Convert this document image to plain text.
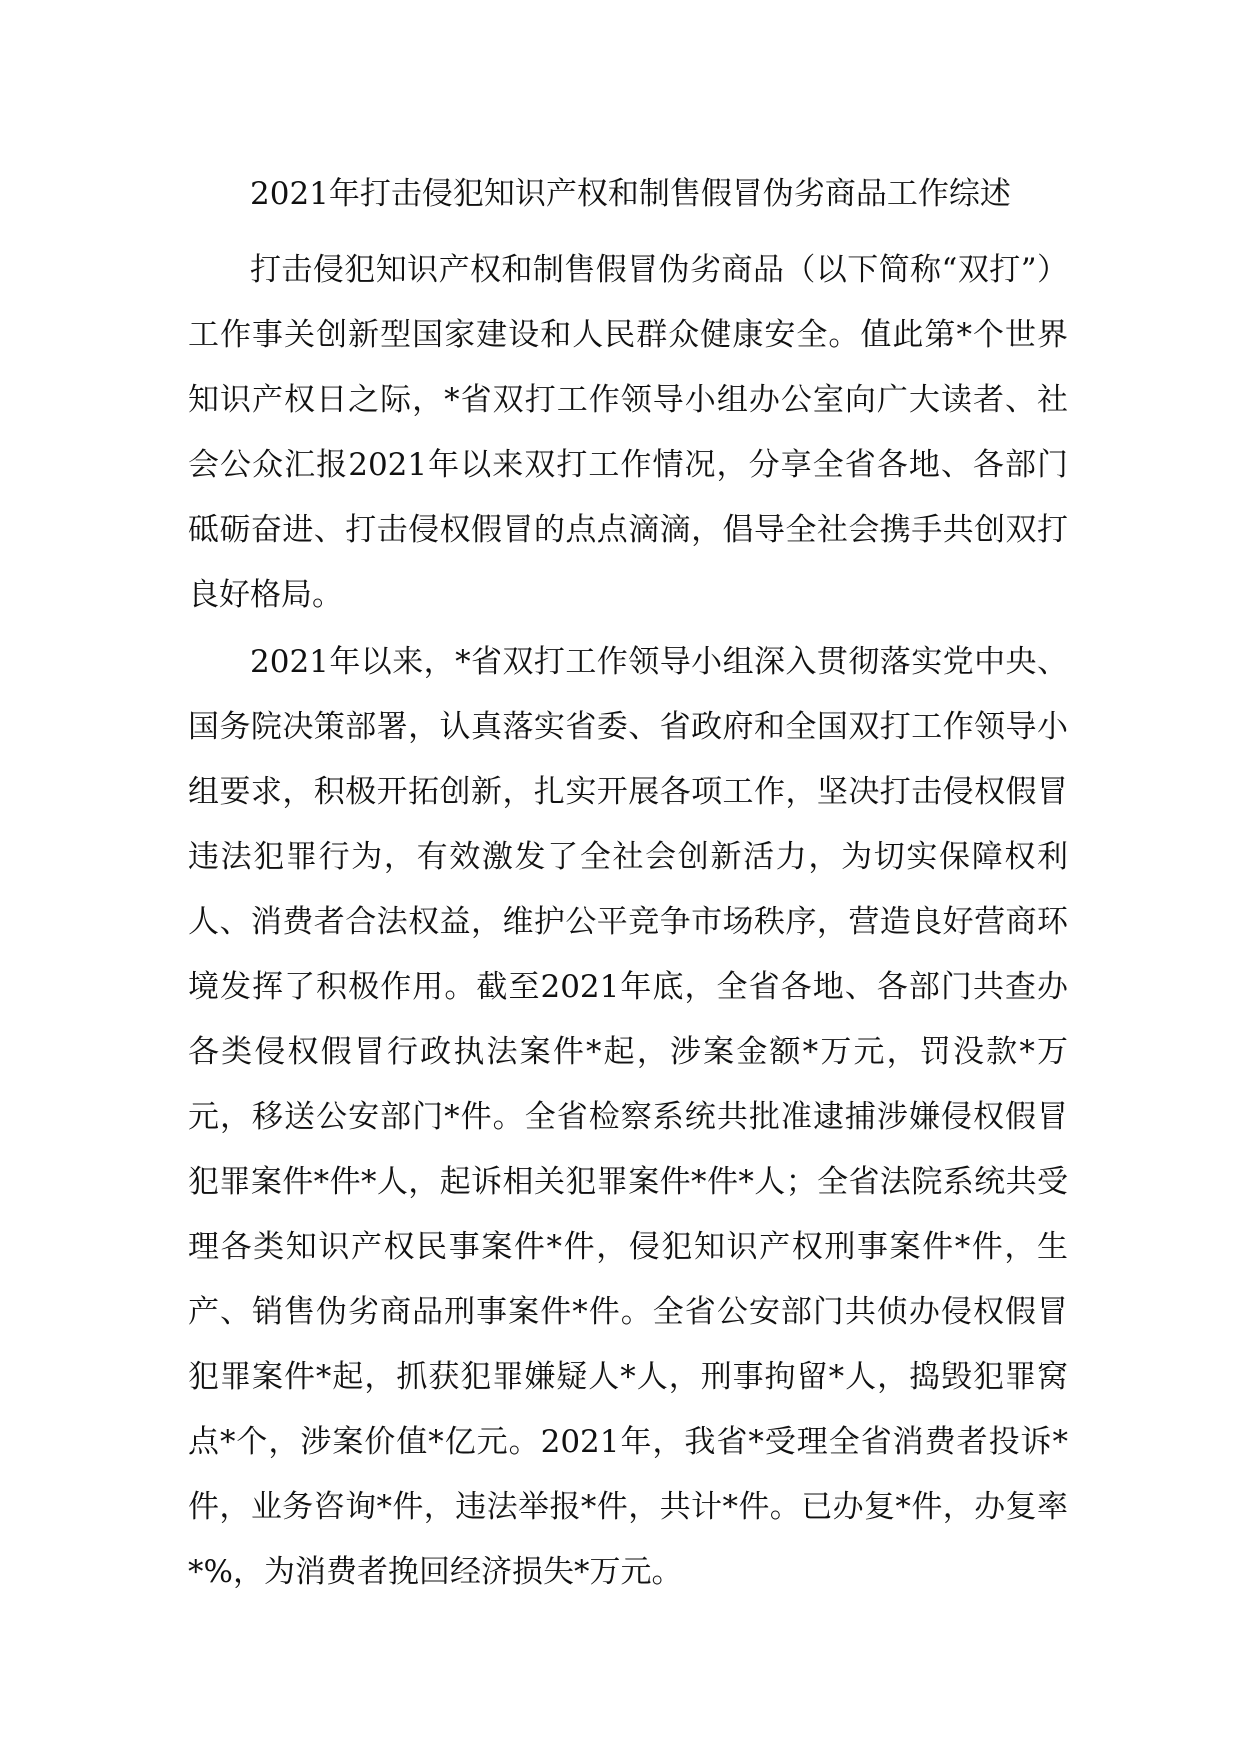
2021年打击侵犯知识产权和制售假冒伪劣商品工作综述

打击侵犯知识产权和制售假冒伪劣商品（以下简称“双打”）工作事关创新型国家建设和人民群众健康安全。值此第*个世界知识产权日之际，*省双打工作领导小组办公室向广大读者、社会公众汇报2021年以来双打工作情况，分享全省各地、各部门砥砺奋进、打击侵权假冒的点点滴滴，倡导全社会携手共创双打良好格局。

2021年以来，*省双打工作领导小组深入贯彻落实党中央、国务院决策部署，认真落实省委、省政府和全国双打工作领导小组要求，积极开拓创新，扎实开展各项工作，坚决打击侵权假冒违法犯罪行为，有效激发了全社会创新活力，为切实保障权利人、消费者合法权益，维护公平竞争市场秩序，营造良好营商环境发挥了积极作用。截至2021年底，全省各地、各部门共查办各类侵权假冒行政执法案件*起，涉案金额*万元，罚没款*万元，移送公安部门*件。全省检察系统共批准逮捕涉嫌侵权假冒犯罪案件*件*人，起诉相关犯罪案件*件*人；全省法院系统共受理各类知识产权民事案件*件，侵犯知识产权刑事案件*件，生产、销售伪劣商品刑事案件*件。全省公安部门共侦办侵权假冒犯罪案件*起，抓获犯罪嫌疑人*人，刑事拘留*人，捣毁犯罪窝点*个，涉案价值*亿元。2021年，我省*受理全省消费者投诉*件，业务咨询*件，违法举报*件，共计*件。已办复*件，办复率*%，为消费者挽回经济损失*万元。
